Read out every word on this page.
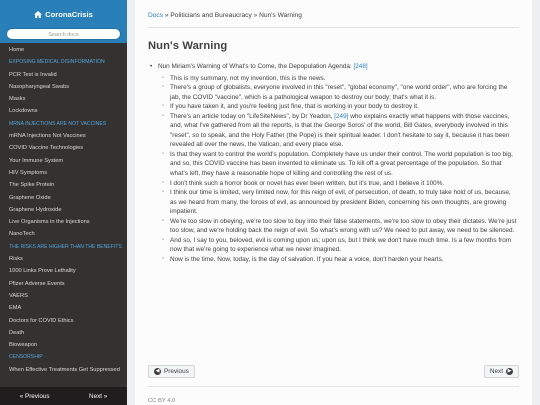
CoronaCrisis
Search docs
Home
EXPOSING MEDICAL DISINFORMATION
PCR Test is Invalid
Nasopharyngeal Swabs
Masks
Lockdowns
MRNA INJECTIONS ARE NOT VACCINES
mRNA Injections Not Vaccines
COVID Vaccine Technologies
Your Immune System
HIV Symptoms
The Spike Protein
Graphene Oxide
Graphene Hydroxide
Live Organisms in the Injections
NanoTech
THE RISKS ARE HIGHER THAN THE BENEFITS
Risks
1000 Links Prove Lethality
Pfizer Adverse Events
VAERS
EMA
Doctors for COVID Ethics
Death
Bioweapon
CENSORSHIP
When Effective Treatments Get Suppressed
« Previous	Next »
Docs » Politicians and Bureaucracy » Nun's Warning
Nun's Warning
• Nun Miriam's Warning of What's to Come, the Depopulation Agenda: [248]
◦ This is my summary, not my invention, this is the news.
◦ There's a group of globalists, everyone involved in this "reset", "global economy", "one world order", who are forcing the jab, the COVID "vaccine", which is a pathological weapon to destroy our body; that's what it is.
◦ If you have taken it, and you're feeling just fine, that is working in your body to destroy it.
◦ There's an article today on "LifeSiteNews", by Dr Yeadon, [249] who explains exactly what happens with those vaccines, and, what I've gathered from all the reports, is that the George Soros' of the world, Bill Gates, everybody involved in this "reset", so to speak, and the Holy Father (the Pope) is their spiritual leader. I don't hesitate to say it, because it has been revealed all over the news, the Vatican, and every place else.
◦ Is that they want to control the world's population. Completely have us under their control. The world population is too big, and so, this COVID vaccine has been invented to eliminate us. To kill off a great percentage of the population. So that what's left, they have a reasonable hope of killing and controlling the rest of us.
◦ I don't think such a horror book or novel has ever been written, but it's true, and I believe it 100%.
◦ I think our time is limited, very limited now, for this reign of evil, of persecution, of death, to truly take hold of us, because, as we heard from many, the forces of evil, as announced by president Biden, concerning his own thoughts, are growing impatient.
◦ We're too slow in obeying, we're too slow to buy into their false statements, we're too slow to obey their dictates. We're just too slow, and we're holding back the reign of evil. So what's wrong with us? We need to put away, we need to be silenced.
◦ And so, I say to you, beloved, evil is coming upon us; upon us, but I think we don't have much time. Is a few months from now that we're going to experience what we never imagined.
◦ Now is the time. Now, today, is the day of salvation. If you hear a voice, don't harden your hearts.
◀ Previous	Next ▶
CC BY 4.0
